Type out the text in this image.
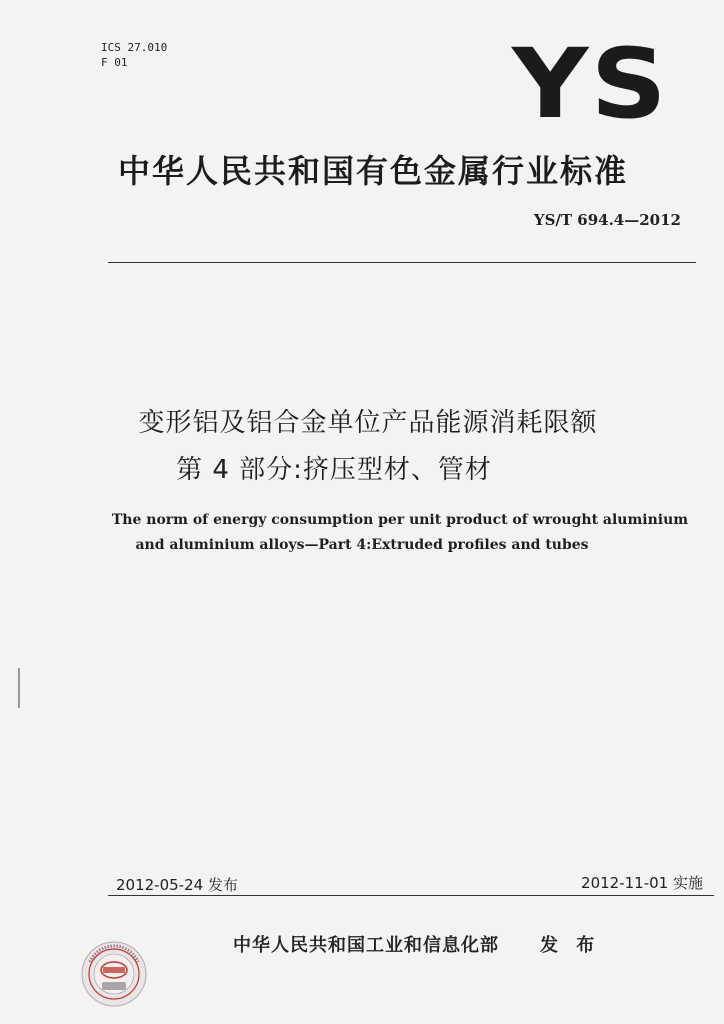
ICS 27.010
F 01	YS
中华人民共和国有色金属行业标准
YS/T 694.4—2012
变形铝及铝合金单位产品能源消耗限额
第 4 部分:挤压型材、管材
The norm of energy consumption per unit product of wrought aluminium
and aluminium alloys—Part 4:Extruded profiles and tubes
2012-05-24 发布	2012-11-01 实施
中华人民共和国工业和信息化部 发 布
